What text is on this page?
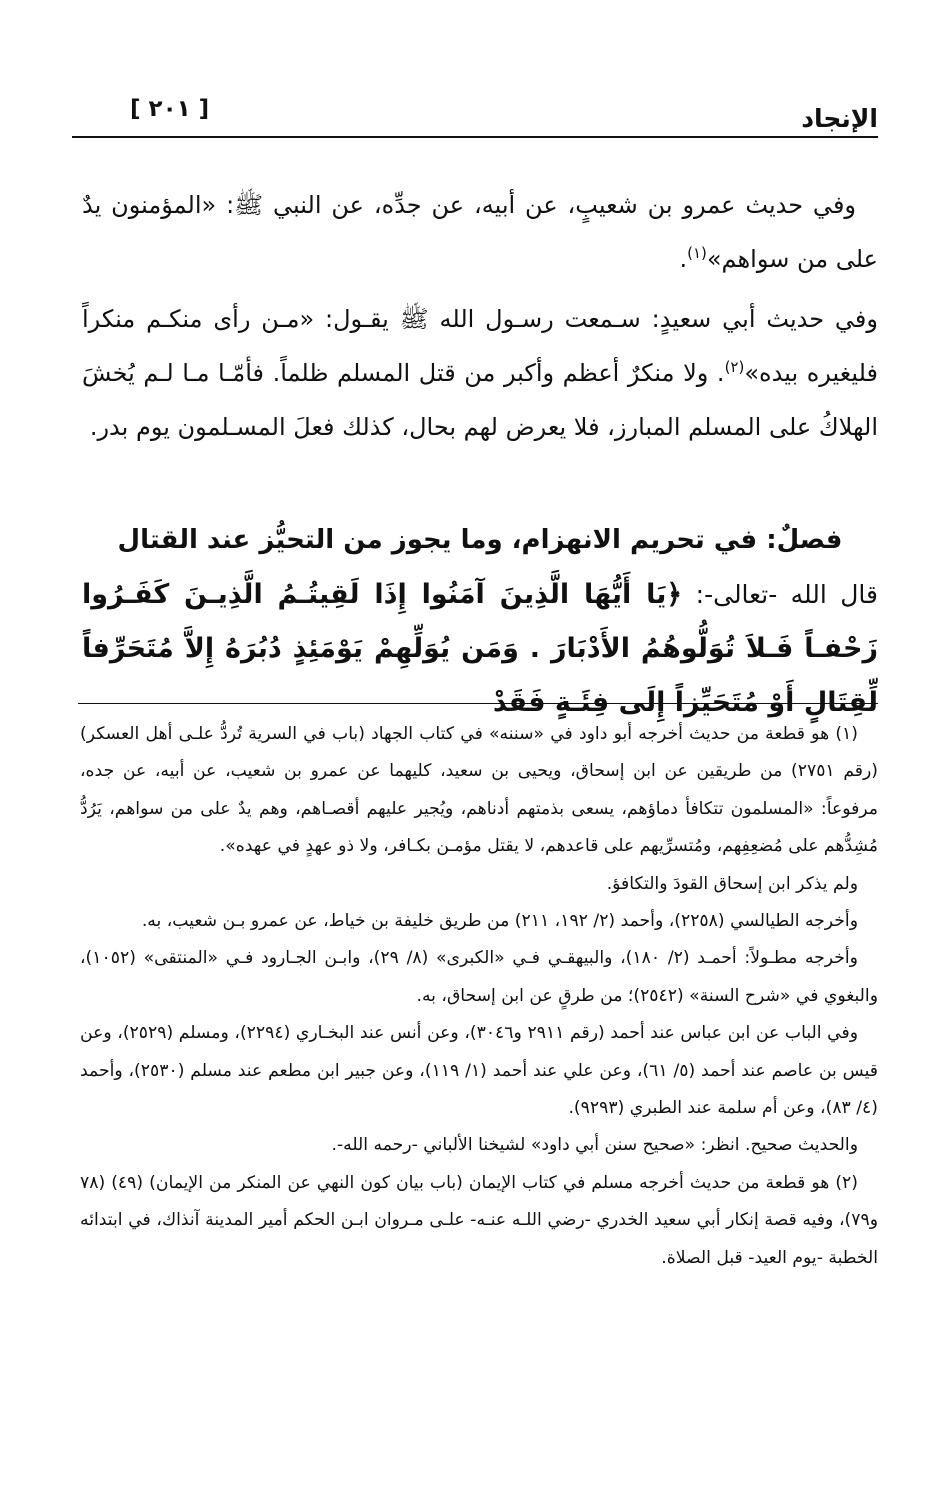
الإنجاد
[ ٢٠١ ]

وفي حديث عمرو بن شعيبٍ، عن أبيه، عن جدِّه، عن النبي ﷺ: «المؤمنون يدٌ على من سواهم»$^{(١)}$.

وفي حديث أبي سعيدٍ: سـمعت رسـول الله ﷺ يقـول: «مـن رأى منكـم منكراً فليغيره بيده»$^{(٢)}$. ولا منكرٌ أعظم وأكبر من قتل المسلم ظلماً. فأمّـا مـا لـم يُخشَ الهلاكُ على المسلم المبارز، فلا يعرض لهم بحال، كذلك فعلَ المسـلمون يوم بدر.

فصلٌ: في تحريم الانهزام، وما يجوز من التحيُّز عند القتال
قال الله -تعالى-: ﴿يَا أَيُّهَا الَّذِينَ آمَنُوا إِذَا لَقِيتُـمُ الَّذِيـنَ كَفَـرُوا زَحْفـاً فَـلاَ تُوَلُّوهُمُ الأَدْبَارَ . وَمَن يُوَلِّهِمْ يَوْمَئِذٍ دُبُرَهُ إِلاَّ مُتَحَرِّفاً لِّقِتَالٍ أَوْ مُتَحَيِّزاً إِلَى فِئَـةٍ فَقَدْ

(١) هو قطعة من حديث أخرجه أبو داود في «سننه» في كتاب الجهاد (باب في السرية تُردُّ علـى أهل العسكر) (رقم ٢٧٥١) من طريقين عن ابن إسحاق، ويحيى بن سعيد، كليهما عن عمرو بن شعيب، عن أبيه، عن جده، مرفوعاً: «المسلمون تتكافأ دماؤهم، يسعى بذمتهم أدناهم، ويُجير عليهم أقصـاهم، وهم يدٌ على من سواهم، يَرُدُّ مُشِدُّهم على مُضعِفِهم، ومُتسرِّيهم على قاعدهم، لا يقتل مؤمـن بكـافر، ولا ذو عهدٍ في عهده».

ولم يذكر ابن إسحاق القودَ والتكافؤ.

وأخرجه الطيالسي (٢٢٥٨)، وأحمد (٢/ ١٩٢، ٢١١) من طريق خليفة بن خياط، عن عمرو بـن شعيب، به.

وأخرجه مطـولاً: أحمـد (٢/ ١٨٠)، والبيهقـي فـي «الكبرى» (٨/ ٢٩)، وابـن الجـارود فـي «المنتقى» (١٠٥٢)، والبغوي في «شرح السنة» (٢٥٤٢)؛ من طرقٍ عن ابن إسحاق، به.

وفي الباب عن ابن عباس عند أحمد (رقم ٢٩١١ و٣٠٤٦)، وعن أنس عند البخـاري (٢٢٩٤)، ومسلم (٢٥٢٩)، وعن قيس بن عاصم عند أحمد (٥/ ٦١)، وعن علي عند أحمد (١/ ١١٩)، وعن جبير ابن مطعم عند مسلم (٢٥٣٠)، وأحمد (٤/ ٨٣)، وعن أم سلمة عند الطبري (٩٢٩٣).

والحديث صحيح. انظر: «صحيح سنن أبي داود» لشيخنا الألباني -رحمه الله-.

(٢) هو قطعة من حديث أخرجه مسلم في كتاب الإيمان (باب بيان كون النهي عن المنكر من الإيمان) (٤٩) (٧٨ و٧٩)، وفيه قصة إنكار أبي سعيد الخدري -رضي اللـه عنـه- علـى مـروان ابـن الحكم أمير المدينة آنذاك، في ابتدائه الخطبة -يوم العيد- قبل الصلاة.
